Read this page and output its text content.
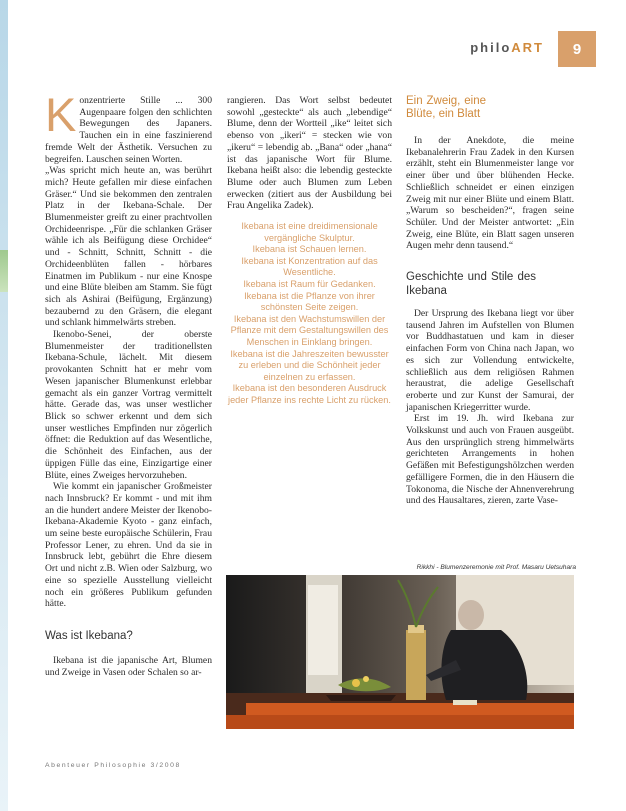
philoART	9

Konzentrierte Stille ... 300 Augenpaare folgen den schlichten Bewegungen des Japaners. Tauchen ein in eine faszinierend fremde Welt der Ästhetik. Versuchen zu begreifen. Lauschen seinen Worten.

„Was spricht mich heute an, was berührt mich? Heute gefallen mir diese einfachen Gräser.“ Und sie bekommen den zentralen Platz in der Ikebana-Schale. Der Blumenmeister greift zu einer prachtvollen Orchideenrispe. „Für die schlanken Gräser wähle ich als Beifügung diese Orchidee“ und - Schnitt, Schnitt, Schnitt - die Orchideenblüten fallen - hörbares Einatmen im Publikum - nur eine Knospe und eine Blüte bleiben am Stamm. Sie fügt sich als Ashirai (Beifügung, Ergänzung) bezaubernd zu den Gräsern, die elegant und schlank himmelwärts streben.

Ikenobo-Senei, der oberste Blumenmeister der traditionellsten Ikebana-Schule, lächelt. Mit diesem provokanten Schnitt hat er mehr vom Wesen japanischer Blumenkunst erlebbar gemacht als ein ganzer Vortrag vermittelt hätte. Gerade das, was unser westlicher Blick so schwer erkennt und dem sich unser westliches Empfinden nur zögerlich öffnet: die Reduktion auf das Wesentliche, die Schönheit des Einfachen, aus der üppigen Fülle das eine, Einzigartige einer Blüte, eines Zweiges hervorzuheben.

Wie kommt ein japanischer Großmeister nach Innsbruck? Er kommt - und mit ihm an die hundert andere Meister der Ikenobo-Ikebana-Akademie Kyoto - ganz einfach, um seine beste europäische Schülerin, Frau Professor Lener, zu ehren. Und da sie in Innsbruck lebt, gebührt die Ehre diesem Ort und nicht z.B. Wien oder Salzburg, wo eine so spezielle Ausstellung vielleicht noch ein größeres Publikum gefunden hätte.

Was ist Ikebana?

Ikebana ist die japanische Art, Blumen und Zweige in Vasen oder Schalen so ar-

rangieren. Das Wort selbst bedeutet sowohl „gesteckte“ als auch „lebendige“ Blume, denn der Wortteil „ike“ leitet sich ebenso von „ikeri“ = stecken wie von „ikeru“ = lebendig ab. „Bana“ oder „hana“ ist das japanische Wort für Blume. Ikebana heißt also: die lebendig gesteckte Blume oder auch Blumen zum Leben erwecken (zitiert aus der Ausbildung bei Frau Angelika Zadek).

Ikebana ist eine dreidimensionale vergängliche Skulptur.

Ikebana ist Schauen lernen.

Ikebana ist Konzentration auf das Wesentliche.

Ikebana ist Raum für Gedanken.

Ikebana ist die Pflanze von ihrer schönsten Seite zeigen.

Ikebana ist den Wachstumswillen der Pflanze mit dem Gestaltungswillen des Menschen in Einklang bringen.

Ikebana ist die Jahreszeiten bewusster zu erleben und die Schönheit jeder einzelnen zu erfassen.

Ikebana ist den besonderen Ausdruck jeder Pflanze ins rechte Licht zu rücken.

Ein Zweig, eine Blüte, ein Blatt

In der Anekdote, die meine Ikebanalehrerin Frau Zadek in den Kursen erzählt, steht ein Blumenmeister lange vor einer über und über blühenden Hecke. Schließlich schneidet er einen einzigen Zweig mit nur einer Blüte und einem Blatt. „Warum so bescheiden?“, fragen seine Schüler. Und der Meister antwortet: „Ein Zweig, eine Blüte, ein Blatt sagen unseren Augen mehr denn tausend.“

Geschichte und Stile des Ikebana

Der Ursprung des Ikebana liegt vor über tausend Jahren im Aufstellen von Blumen vor Buddhastatuen und kam in dieser einfachen Form von China nach Japan, wo es sich zur Vollendung entwickelte, schließlich aus dem religiösen Rahmen heraustrat, die adelige Gesellschaft eroberte und zur Kunst der Samurai, der japanischen Kriegerritter wurde.

Erst im 19. Jh. wird Ikebana zur Volkskunst und auch von Frauen ausgeübt. Aus den ursprünglich streng himmelwärts gerichteten Arrangements in hohen Gefäßen mit Befestigungshölzchen werden gefälligere Formen, die in den Häusern die Tokonoma, die Nische der Ahnenverehrung und des Hausaltares, zieren, zarte Vase-

Rikkhi - Blumenzeremonie mit Prof. Masaru Uetsuhara
Abenteuer Philosophie 3/2008
